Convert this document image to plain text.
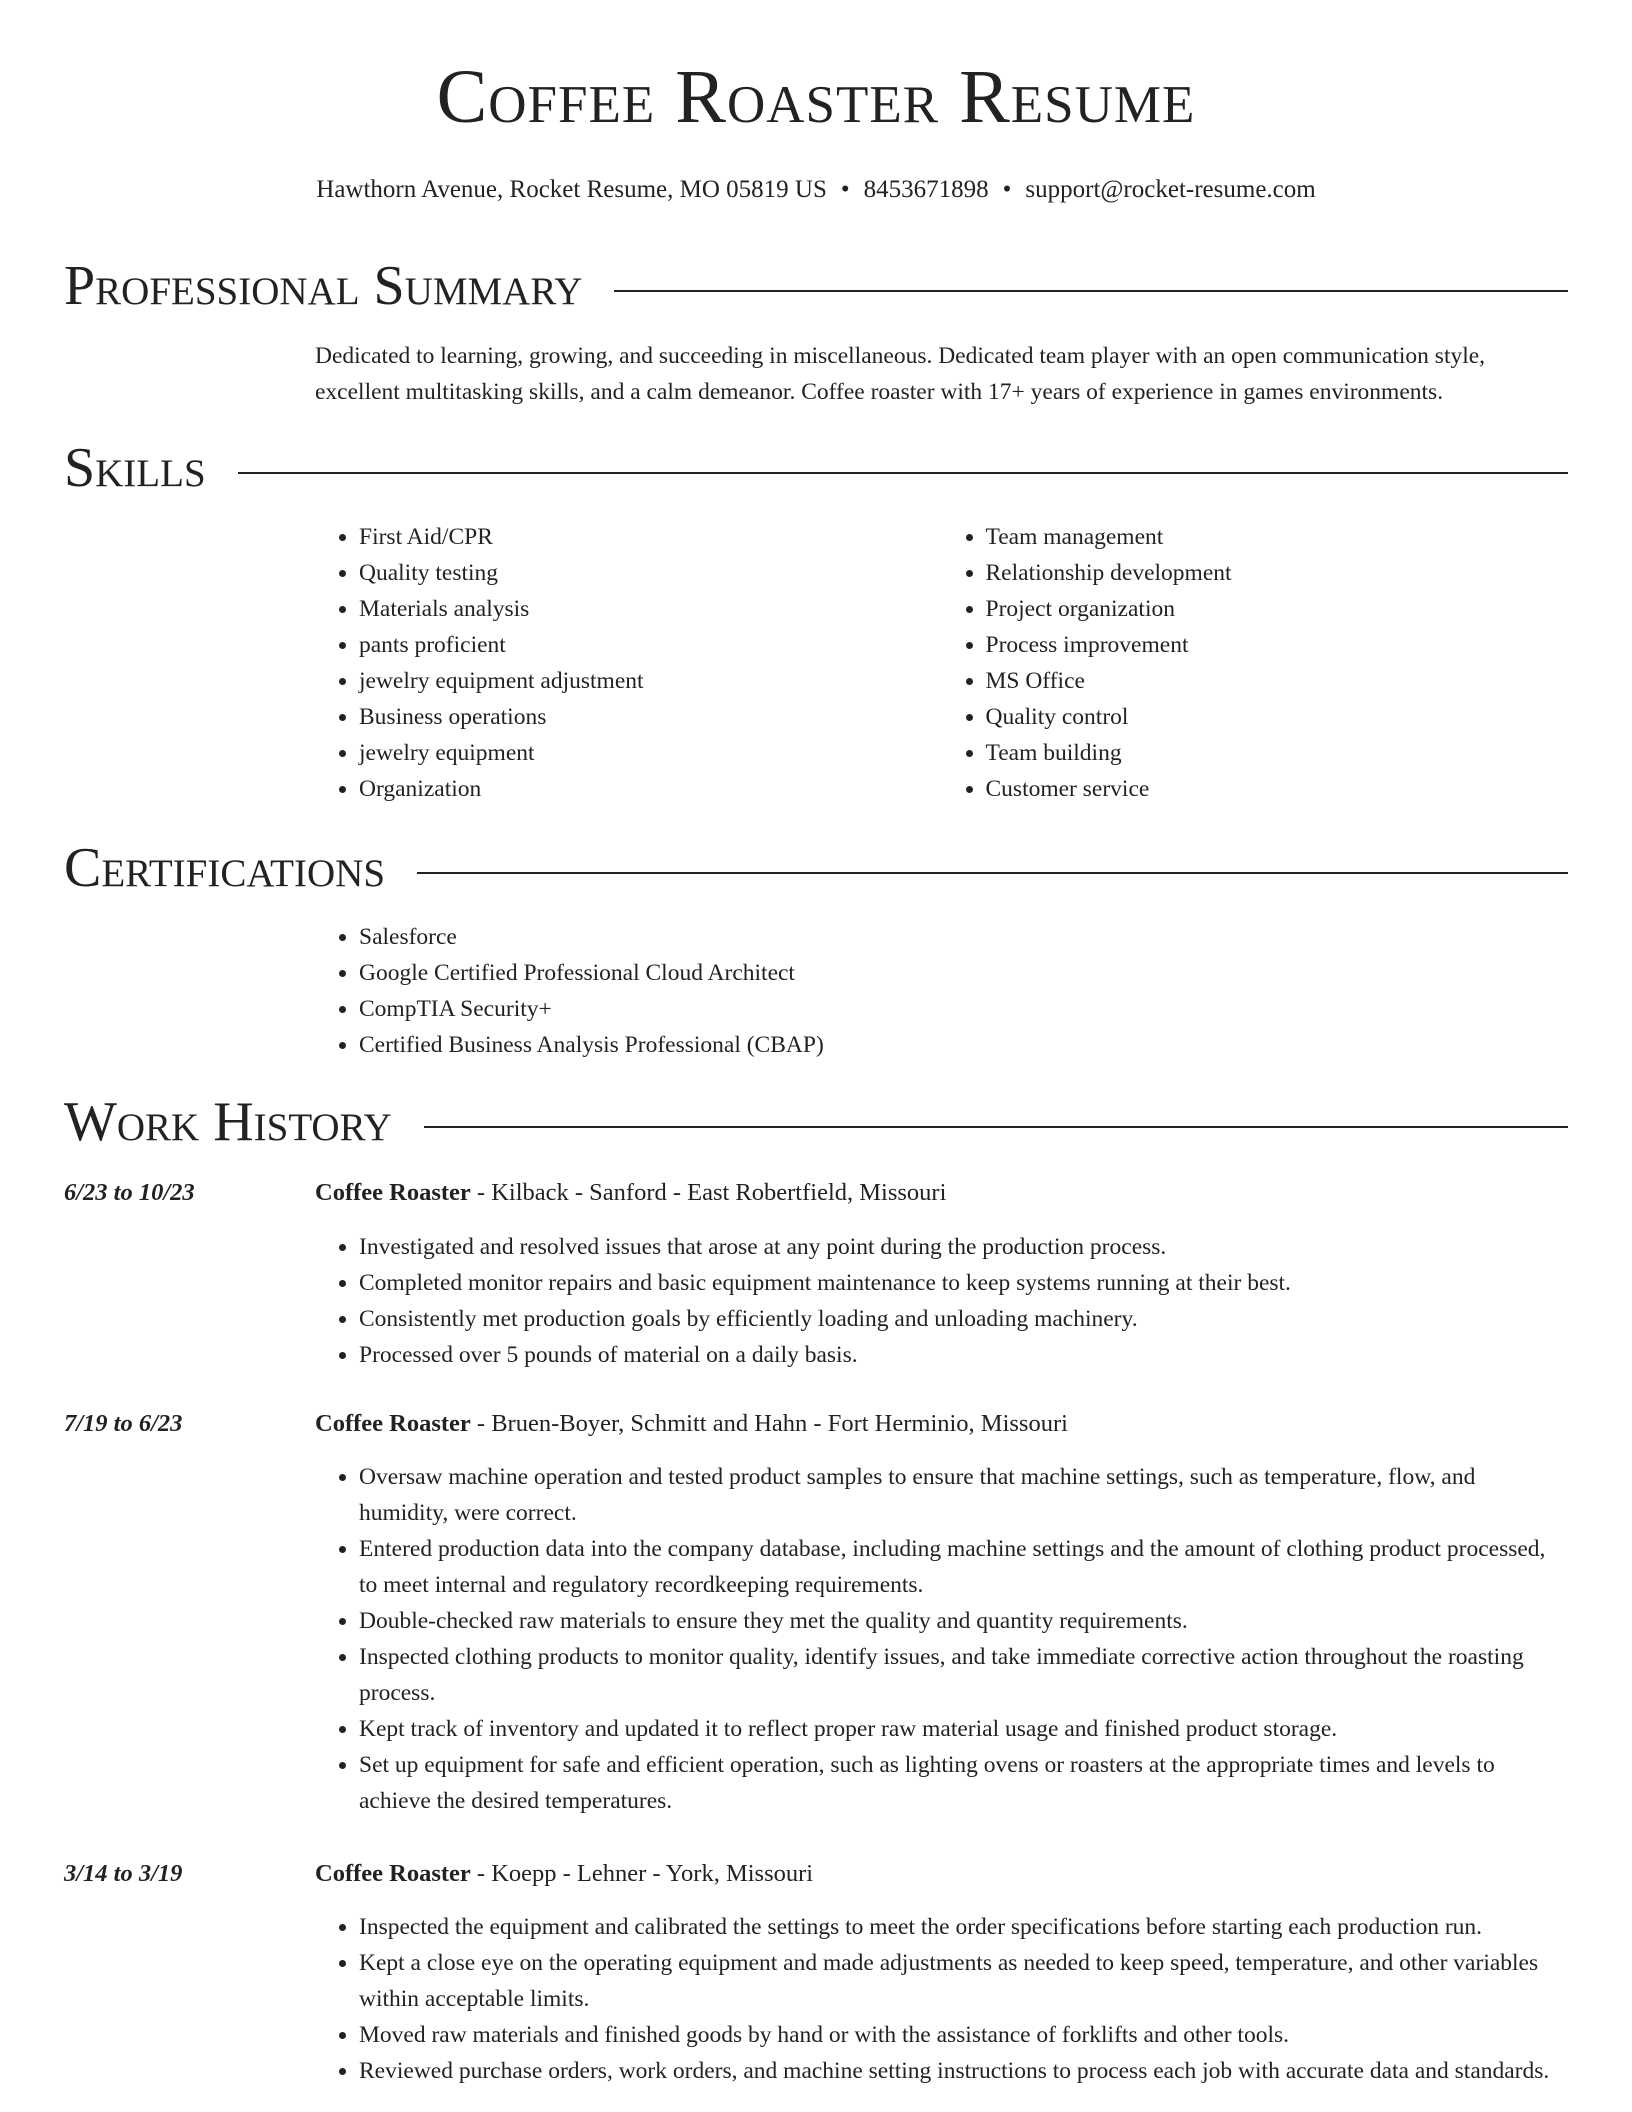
Coffee Roaster Resume
Hawthorn Avenue, Rocket Resume, MO 05819 US • 8453671898 • support@rocket-resume.com
Professional Summary

Dedicated to learning, growing, and succeeding in miscellaneous. Dedicated team player with an open communication style, excellent multitasking skills, and a calm demeanor. Coffee roaster with 17+ years of experience in games environments.

Skills
• First Aid/CPR
• Quality testing
• Materials analysis
• pants proficient
• jewelry equipment adjustment
• Business operations
• jewelry equipment
• Organization
• Team management
• Relationship development
• Project organization
• Process improvement
• MS Office
• Quality control
• Team building
• Customer service
Certifications
• Salesforce
• Google Certified Professional Cloud Architect
• CompTIA Security+
• Certified Business Analysis Professional (CBAP)
Work History
6/23 to 10/23	Coffee Roaster - Kilback - Sanford - East Robertfield, Missouri
• Investigated and resolved issues that arose at any point during the production process.
• Completed monitor repairs and basic equipment maintenance to keep systems running at their best.
• Consistently met production goals by efficiently loading and unloading machinery.
• Processed over 5 pounds of material on a daily basis.
7/19 to 6/23	Coffee Roaster - Bruen-Boyer, Schmitt and Hahn - Fort Herminio, Missouri
• Oversaw machine operation and tested product samples to ensure that machine settings, such as temperature, flow, and humidity, were correct.
• Entered production data into the company database, including machine settings and the amount of clothing product processed, to meet internal and regulatory recordkeeping requirements.
• Double-checked raw materials to ensure they met the quality and quantity requirements.
• Inspected clothing products to monitor quality, identify issues, and take immediate corrective action throughout the roasting process.
• Kept track of inventory and updated it to reflect proper raw material usage and finished product storage.
• Set up equipment for safe and efficient operation, such as lighting ovens or roasters at the appropriate times and levels to achieve the desired temperatures.
3/14 to 3/19	Coffee Roaster - Koepp - Lehner - York, Missouri
• Inspected the equipment and calibrated the settings to meet the order specifications before starting each production run.
• Kept a close eye on the operating equipment and made adjustments as needed to keep speed, temperature, and other variables within acceptable limits.
• Moved raw materials and finished goods by hand or with the assistance of forklifts and other tools.
• Reviewed purchase orders, work orders, and machine setting instructions to process each job with accurate data and standards.
